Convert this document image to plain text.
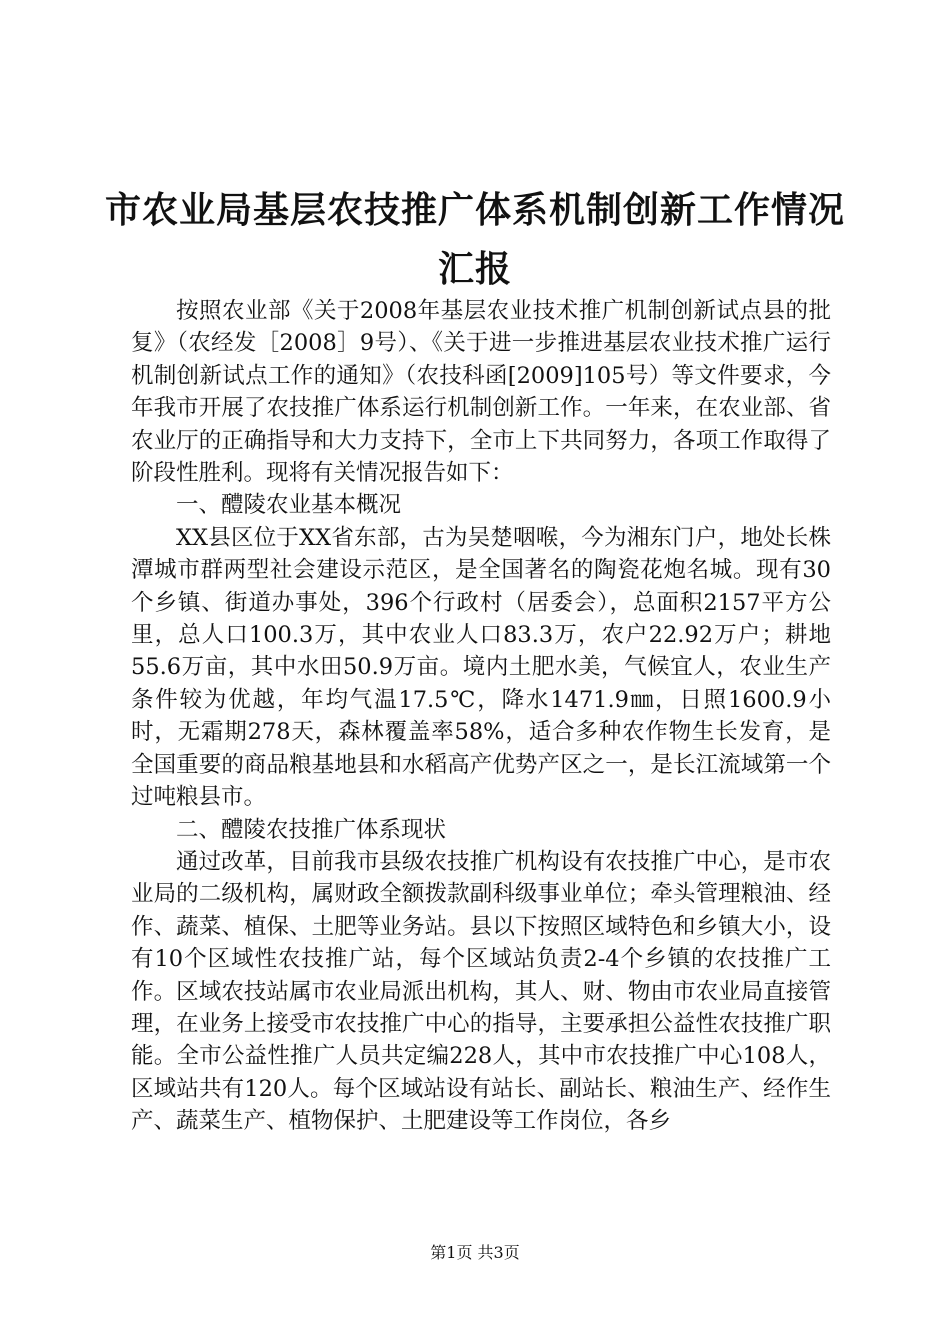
市农业局基层农技推广体系机制创新工作情况
汇报

按照农业部《关于2008年基层农业技术推广机制创新试点县的批复》（农经发［2008］9号）、《关于进一步推进基层农业技术推广运行机制创新试点工作的通知》（农技科函[2009]105号）等文件要求，今年我市开展了农技推广体系运行机制创新工作。一年来，在农业部、省农业厅的正确指导和大力支持下，全市上下共同努力，各项工作取得了阶段性胜利。现将有关情况报告如下：

一、醴陵农业基本概况

XX县区位于XX省东部，古为吴楚咽喉，今为湘东门户，地处长株潭城市群两型社会建设示范区，是全国著名的陶瓷花炮名城。现有30个乡镇、街道办事处，396个行政村（居委会），总面积2157平方公里，总人口100.3万，其中农业人口83.3万，农户22.92万户；耕地55.6万亩，其中水田50.9万亩。境内土肥水美，气候宜人，农业生产条件较为优越，年均气温17.5℃，降水1471.9㎜，日照1600.9小时，无霜期278天，森林覆盖率58%，适合多种农作物生长发育，是全国重要的商品粮基地县和水稻高产优势产区之一，是长江流域第一个过吨粮县市。

二、醴陵农技推广体系现状

通过改革，目前我市县级农技推广机构设有农技推广中心，是市农业局的二级机构，属财政全额拨款副科级事业单位；牵头管理粮油、经作、蔬菜、植保、土肥等业务站。县以下按照区域特色和乡镇大小，设有10个区域性农技推广站，每个区域站负责2-4个乡镇的农技推广工作。区域农技站属市农业局派出机构，其人、财、物由市农业局直接管理，在业务上接受市农技推广中心的指导，主要承担公益性农技推广职能。全市公益性推广人员共定编228人，其中市农技推广中心108人，区域站共有120人。每个区域站设有站长、副站长、粮油生产、经作生产、蔬菜生产、植物保护、土肥建设等工作岗位，各乡

第1页 共3页
